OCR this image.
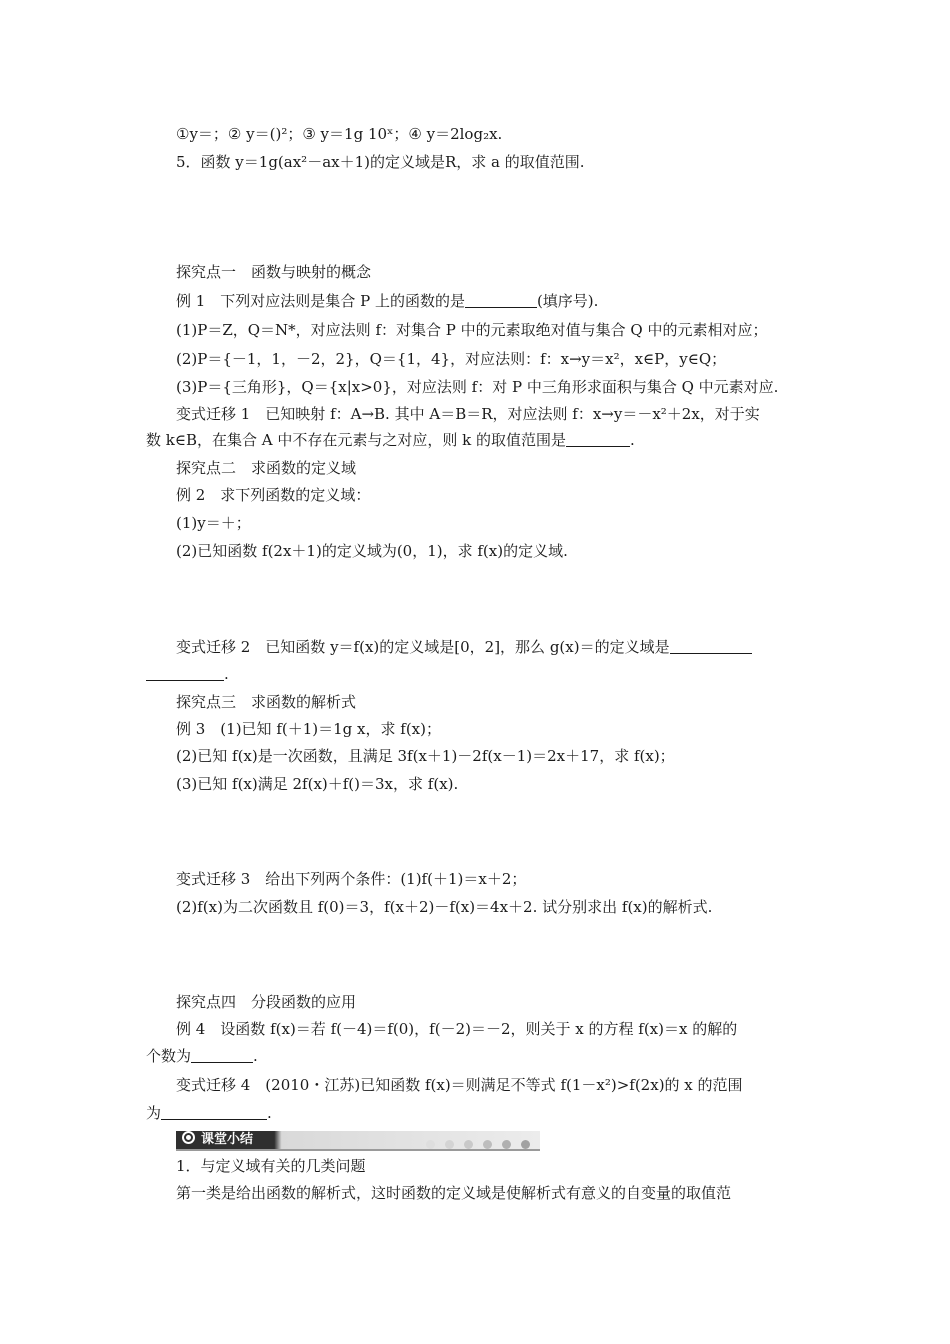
①y＝；② y＝()²；③ y＝1g 10ˣ；④ y＝2log₂x.
5．函数 y＝1g(ax²－ax＋1)的定义域是R，求 a 的取值范围.
探究点一　函数与映射的概念
例 1　下列对应法则是集合 P 上的函数的是	(填序号).
(1)P＝Z，Q＝N*，对应法则 f：对集合 P 中的元素取绝对值与集合 Q 中的元素相对应；
(2)P＝{－1，1，－2，2}，Q＝{1，4}，对应法则：f：x→y＝x²，x∈P，y∈Q；
(3)P＝{三角形}，Q＝{x|x>0}，对应法则 f：对 P 中三角形求面积与集合 Q 中元素对应.
变式迁移 1　已知映射 f：A→B. 其中 A＝B＝R，对应法则 f：x→y＝－x²＋2x，对于实
数 k∈B，在集合 A 中不存在元素与之对应，则 k 的取值范围是	.
探究点二　求函数的定义域
例 2　求下列函数的定义域：
(1)y＝＋；
(2)已知函数 f(2x＋1)的定义域为(0，1)，求 f(x)的定义域.
变式迁移 2　已知函数 y＝f(x)的定义域是[0，2]，那么 g(x)＝的定义域是
.
探究点三　求函数的解析式
例 3　(1)已知 f(＋1)＝1g x，求 f(x)；
(2)已知 f(x)是一次函数，且满足 3f(x＋1)－2f(x－1)＝2x＋17，求 f(x)；
(3)已知 f(x)满足 2f(x)＋f()＝3x，求 f(x).
变式迁移 3　给出下列两个条件：(1)f(＋1)＝x＋2；
(2)f(x)为二次函数且 f(0)＝3，f(x＋2)－f(x)＝4x＋2. 试分别求出 f(x)的解析式.
探究点四　分段函数的应用
例 4　设函数 f(x)＝若 f(－4)＝f(0)，f(－2)＝－2，则关于 x 的方程 f(x)＝x 的解的
个数为	.
变式迁移 4　(2010・江苏)已知函数 f(x)＝则满足不等式 f(1－x²)>f(2x)的 x 的范围
为	.
课堂小结
1．与定义域有关的几类问题
第一类是给出函数的解析式，这时函数的定义域是使解析式有意义的自变量的取值范
